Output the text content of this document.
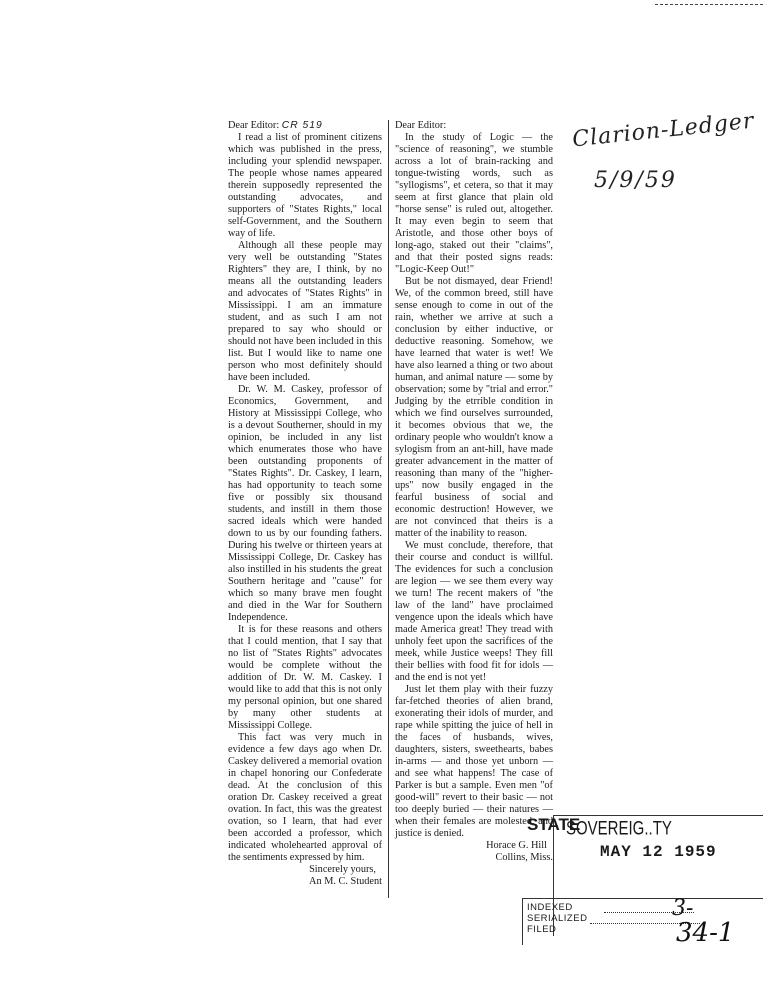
Clarion-Ledger
5/9/59

Dear Editor: CR 519

I read a list of prominent citizens which was published in the press, including your splendid newspaper. The people whose names appeared therein supposedly represented the outstanding advocates, and supporters of "States Rights," local self-Government, and the Southern way of life.

Although all these people may very well be outstanding "States Righters" they are, I think, by no means all the outstanding leaders and advocates of "States Rights" in Mississippi. I am an immature student, and as such I am not prepared to say who should or should not have been included in this list. But I would like to name one person who most definitely should have been included.

Dr. W. M. Caskey, professor of Economics, Government, and History at Mississippi College, who is a devout Southerner, should in my opinion, be included in any list which enumerates those who have been outstanding proponents of "States Rights". Dr. Caskey, I learn, has had opportunity to teach some five or possibly six thousand students, and instill in them those sacred ideals which were handed down to us by our founding fathers. During his twelve or thirteen years at Mississippi College, Dr. Caskey has also instilled in his students the great Southern heritage and "cause" for which so many brave men fought and died in the War for Southern Independence.

It is for these reasons and others that I could mention, that I say that no list of "States Rights" advocates would be complete without the addition of Dr. W. M. Caskey. I would like to add that this is not only my personal opinion, but one shared by many other students at Mississippi College.

This fact was very much in evidence a few days ago when Dr. Caskey delivered a memorial ovation in chapel honoring our Confederate dead. At the conclusion of this oration Dr. Caskey received a great ovation. In fact, this was the greatest ovation, so I learn, that had ever been accorded a professor, which indicated wholehearted approval of the sentiments expressed by him.

Sincerely yours,

An M. C. Student

Dear Editor:

In the study of Logic — the "science of reasoning", we stumble across a lot of brain-racking and tongue-twisting words, such as "syllogisms", et cetera, so that it may seem at first glance that plain old "horse sense" is ruled out, altogether. It may even begin to seem that Aristotle, and those other boys of long-ago, staked out their "claims", and that their posted signs reads: "Logic-Keep Out!"

But be not dismayed, dear Friend! We, of the common breed, still have sense enough to come in out of the rain, whether we arrive at such a conclusion by either inductive, or deductive reasoning. Somehow, we have learned that water is wet! We have also learned a thing or two about human, and animal nature — some by observation; some by "trial and error." Judging by the etrrible condition in which we find ourselves surrounded, it becomes obvious that we, the ordinary people who wouldn't know a sylogism from an ant-hill, have made greater advancement in the matter of reasoning than many of the "higher-ups" now busily engaged in the fearful business of social and economic destruction! However, we are not convinced that theirs is a matter of the inability to reason.

We must conclude, therefore, that their course and conduct is willful. The evidences for such a conclusion are legion — we see them every way we turn! The recent makers of "the law of the land" have proclaimed vengence upon the ideals which have made America great! They tread with unholy feet upon the sacrifices of the meek, while Justice weeps! They fill their bellies with food fit for idols — and the end is not yet!

Just let them play with their fuzzy far-fetched theories of alien brand, exonerating their idols of murder, and rape while spitting the juice of hell in the faces of husbands, wives, daughters, sisters, sweethearts, babes in-arms — and those yet unborn — and see what happens! The case of Parker is but a sample. Even men "of good-will" revert to their basic — not too deeply buried — their natures — when their females are molested, and justice is denied.

Horace G. Hill

Collins, Miss.

STATE
SOVEREIG..TY
MAY 12 1959
INDEXED
SERIALIZED
FILED
3-
34-1
